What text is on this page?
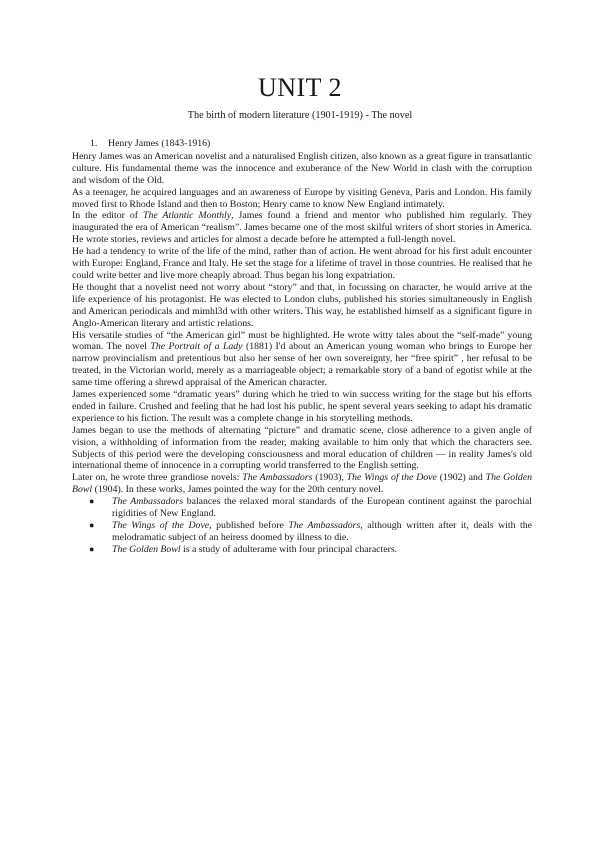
UNIT 2

The birth of modern literature (1901-1919) - The novel

1. Henry James (1843-1916)

Henry James was an American novelist and a naturalised English citizen, also known as a great figure in transatlantic culture. His fundamental theme was the innocence and exuberance of the New World in clash with the corruption and wisdom of the Old.

As a teenager, he acquired languages and an awareness of Europe by visiting Geneva, Paris and London. His family moved first to Rhode Island and then to Boston; Henry came to know New England intimately.

In the editor of The Atlantic Monthly, James found a friend and mentor who published him regularly. They inaugurated the era of American “realism”. James became one of the most skilful writers of short stories in America. He wrote stories, reviews and articles for almost a decade before he attempted a full-length novel.

He had a tendency to write of the life of the mind, rather than of action. He went abroad for his first adult encounter with Europe: England, France and Italy. He set the stage for a lifetime of travel in those countries. He realised that he could write better and live more cheaply abroad. Thus began his long expatriation.

He thought that a novelist need not worry about “story” and that, in focussing on character, he would arrive at the life experience of his protagonist. He was elected to London clubs, published his stories simultaneously in English and American periodicals and mimhl3d with other writers. This way, he established himself as a significant figure in Anglo-American literary and artistic relations.

His versatile studies of “the American girl” must be highlighted. He wrote witty tales about the “self-made” young woman. The novel The Portrait of a Lady (1881) I'd about an American young woman who brings to Europe her narrow provincialism and pretentious but also her sense of her own sovereignty, her “free spirit” , her refusal to be treated, in the Victorian world, merely as a marriageable object; a remarkable story of a band of egotist while at the same time offering a shrewd appraisal of the American character.

James experienced some “dramatic years” during which he tried to win success writing for the stage but his efforts ended in failure. Crushed and feeling that he had lost his public, he spent several years seeking to adapt his dramatic experience to his fiction. The result was a complete change in his storytelling methods.

James began to use the methods of alternating “picture” and dramatic scene, close adherence to a given angle of vision, a withholding of information from the reader, making available to him only that which the characters see. Subjects of this period were the developing consciousness and moral education of children — in reality James's old international theme of innocence in a corrupting world transferred to the English setting.

Later on, he wrote three grandiose novels: The Ambassadors (1903), The Wings of the Dove (1902) and The Golden Bowl (1904). In these works, James pointed the way for the 20th century novel.

● The Ambassadors balances the relaxed moral standards of the European continent against the parochial rigidities of New England.
● The Wings of the Dove, published before The Ambassadors, although written after it, deals with the melodramatic subject of an heiress doomed by illness to die.
● The Golden Bowl is a study of adulterame with four principal characters.
